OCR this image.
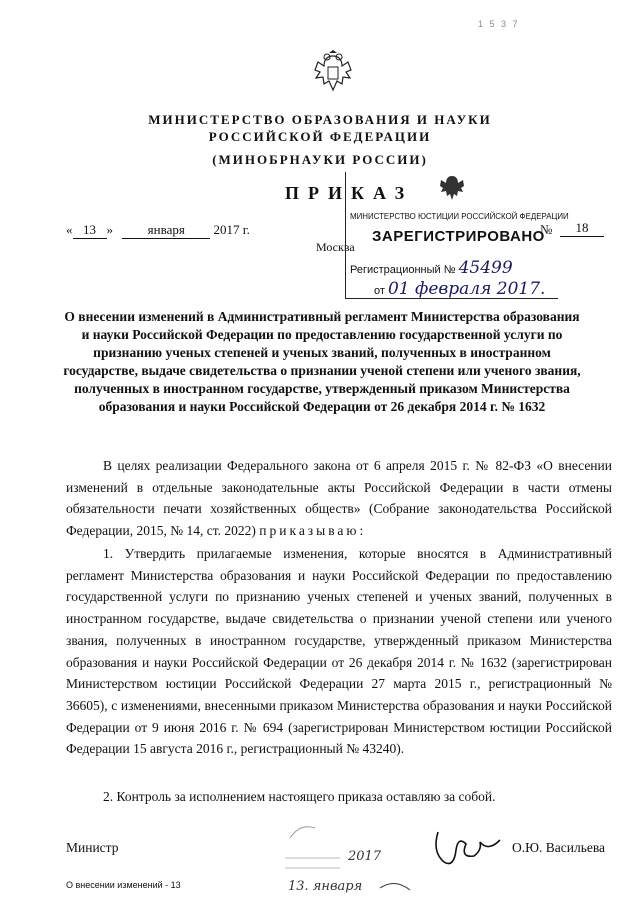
1 5 3 7
МИНИСТЕРСТВО ОБРАЗОВАНИЯ И НАУКИ
РОССИЙСКОЙ ФЕДЕРАЦИИ
(МИНОБРНАУКИ РОССИИ)
ПРИКАЗ
« 13 » января 2017 г.	№	18
Москва
МИНИСТЕРСТВО ЮСТИЦИИ РОССИЙСКОЙ ФЕДЕРАЦИИ
ЗАРЕГИСТРИРОВАНО
Регистрационный № 45499
от 01 февраля 2017.
О внесении изменений в Административный регламент Министерства образования и науки Российской Федерации по предоставлению государственной услуги по признанию ученых степеней и ученых званий, полученных в иностранном государстве, выдаче свидетельства о признании ученой степени или ученого звания, полученных в иностранном государстве, утвержденный приказом Министерства образования и науки Российской Федерации от 26 декабря 2014 г. № 1632
В целях реализации Федерального закона от 6 апреля 2015 г. № 82-ФЗ «О внесении изменений в отдельные законодательные акты Российской Федерации в части отмены обязательности печати хозяйственных обществ» (Собрание законодательства Российской Федерации, 2015, № 14, ст. 2022) приказываю:
1. Утвердить прилагаемые изменения, которые вносятся в Административный регламент Министерства образования и науки Российской Федерации по предоставлению государственной услуги по признанию ученых степеней и ученых званий, полученных в иностранном государстве, выдаче свидетельства о признании ученой степени или ученого звания, полученных в иностранном государстве, утвержденный приказом Министерства образования и науки Российской Федерации от 26 декабря 2014 г. № 1632 (зарегистрирован Министерством юстиции Российской Федерации 27 марта 2015 г., регистрационный № 36605), с изменениями, внесенными приказом Министерства образования и науки Российской Федерации от 9 июня 2016 г. № 694 (зарегистрирован Министерством юстиции Российской Федерации 15 августа 2016 г., регистрационный № 43240).
2. Контроль за исполнением настоящего приказа оставляю за собой.
2017
13. января
Министр	О.Ю. Васильева
О внесении изменений - 13
